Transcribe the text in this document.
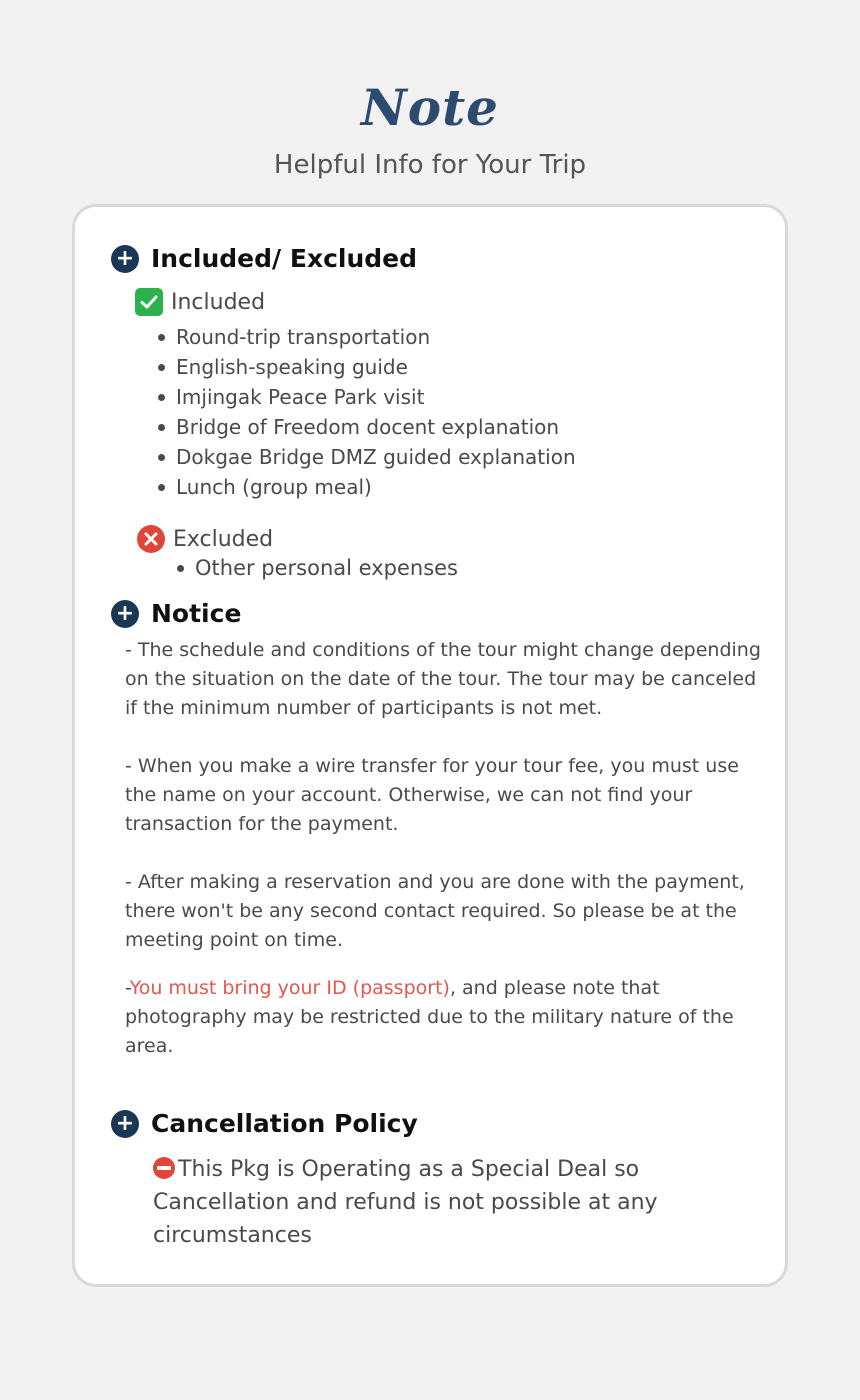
Note
Helpful Info for Your Trip
+ Included/ Excluded
Included
Round-trip transportation
English-speaking guide
Imjingak Peace Park visit
Bridge of Freedom docent explanation
Dokgae Bridge DMZ guided explanation
Lunch (group meal)
Excluded
Other personal expenses
+ Notice

- The schedule and conditions of the tour might change depending on the situation on the date of the tour. The tour may be canceled if the minimum number of participants is not met.

- When you make a wire transfer for your tour fee, you must use the name on your account. Otherwise, we can not find your transaction for the payment.

- After making a reservation and you are done with the payment, there won't be any second contact required. So please be at the meeting point on time.

-You must bring your ID (passport), and please note that photography may be restricted due to the military nature of the area.

+ Cancellation Policy

This Pkg is Operating as a Special Deal so Cancellation and refund is not possible at any circumstances
